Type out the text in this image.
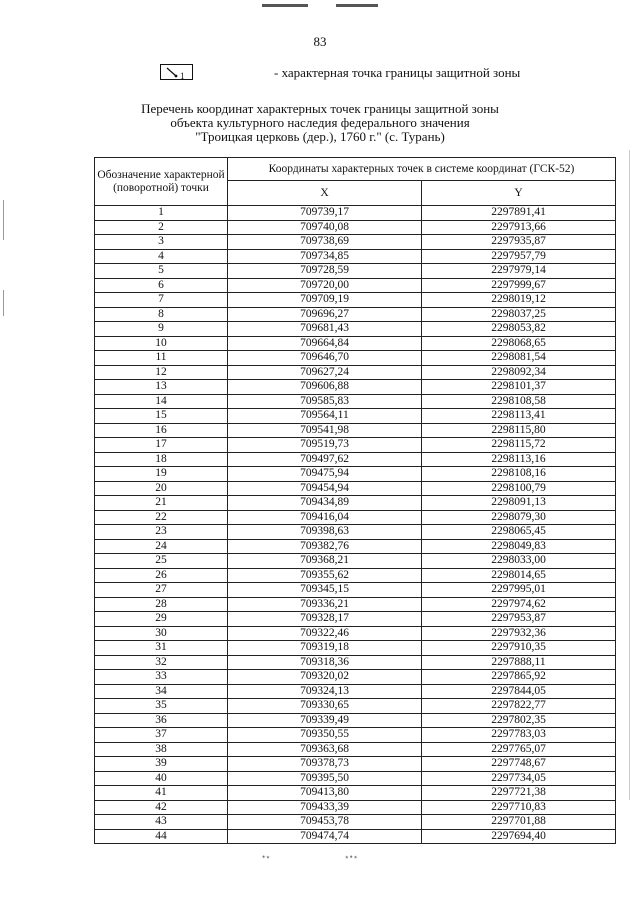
83
1	- характерная точка границы защитной зоны
Перечень координат характерных точек границы защитной зоны
объекта культурного наследия федерального значения
"Троицкая церковь (дер.), 1760 г." (с. Турань)
Обозначение характерной (поворотной) точки	Координаты характерных точек в системе координат (ГСК-52)	
	X	Y
1	709739,17	2297891,41
2	709740,08	2297913,66
3	709738,69	2297935,87
4	709734,85	2297957,79
5	709728,59	2297979,14
6	709720,00	2297999,67
7	709709,19	2298019,12
8	709696,27	2298037,25
9	709681,43	2298053,82
10	709664,84	2298068,65
11	709646,70	2298081,54
12	709627,24	2298092,34
13	709606,88	2298101,37
14	709585,83	2298108,58
15	709564,11	2298113,41
16	709541,98	2298115,80
17	709519,73	2298115,72
18	709497,62	2298113,16
19	709475,94	2298108,16
20	709454,94	2298100,79
21	709434,89	2298091,13
22	709416,04	2298079,30
23	709398,63	2298065,45
24	709382,76	2298049,83
25	709368,21	2298033,00
26	709355,62	2298014,65
27	709345,15	2297995,01
28	709336,21	2297974,62
29	709328,17	2297953,87
30	709322,46	2297932,36
31	709319,18	2297910,35
32	709318,36	2297888,11
33	709320,02	2297865,92
34	709324,13	2297844,05
35	709330,65	2297822,77
36	709339,49	2297802,35
37	709350,55	2297783,03
38	709363,68	2297765,07
39	709378,73	2297748,67
40	709395,50	2297734,05
41	709413,80	2297721,38
42	709433,39	2297710,83
43	709453,78	2297701,88
44	709474,74	2297694,40
•⋆	⋆•⋆
